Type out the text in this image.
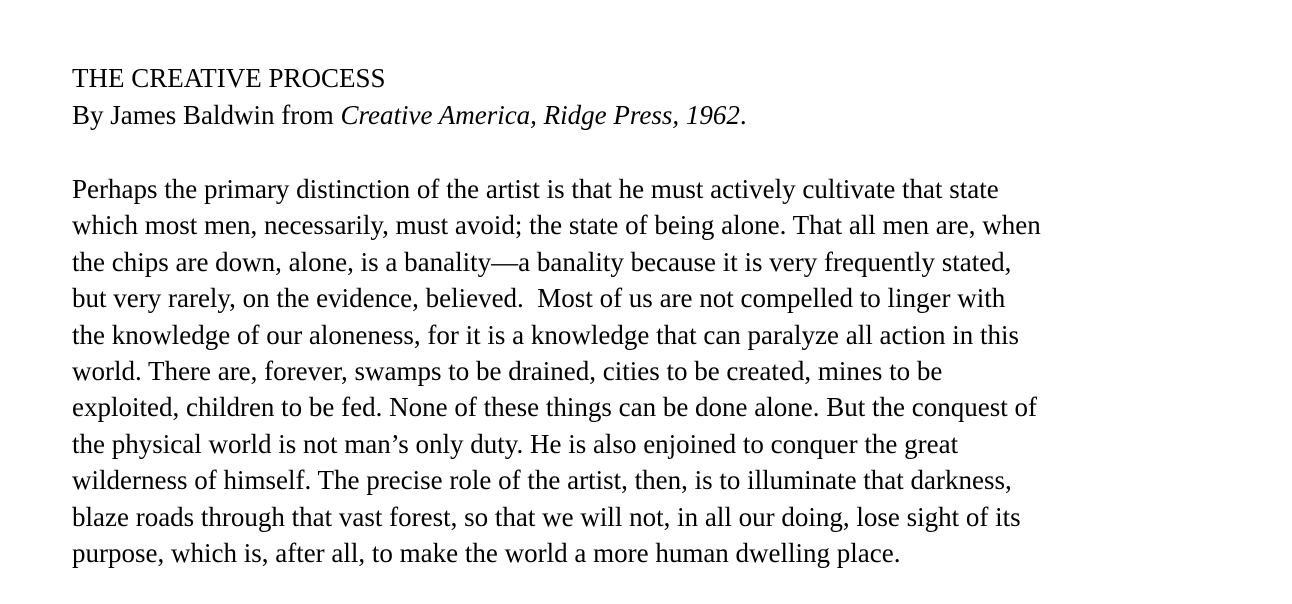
THE CREATIVE PROCESS
By James Baldwin from Creative America, Ridge Press, 1962.
Perhaps the primary distinction of the artist is that he must actively cultivate that state
which most men, necessarily, must avoid; the state of being alone. That all men are, when
the chips are down, alone, is a banality—a banality because it is very frequently stated,
but very rarely, on the evidence, believed.  Most of us are not compelled to linger with
the knowledge of our aloneness, for it is a knowledge that can paralyze all action in this
world. There are, forever, swamps to be drained, cities to be created, mines to be
exploited, children to be fed. None of these things can be done alone. But the conquest of
the physical world is not man’s only duty. He is also enjoined to conquer the great
wilderness of himself. The precise role of the artist, then, is to illuminate that darkness,
blaze roads through that vast forest, so that we will not, in all our doing, lose sight of its
purpose, which is, after all, to make the world a more human dwelling place.
